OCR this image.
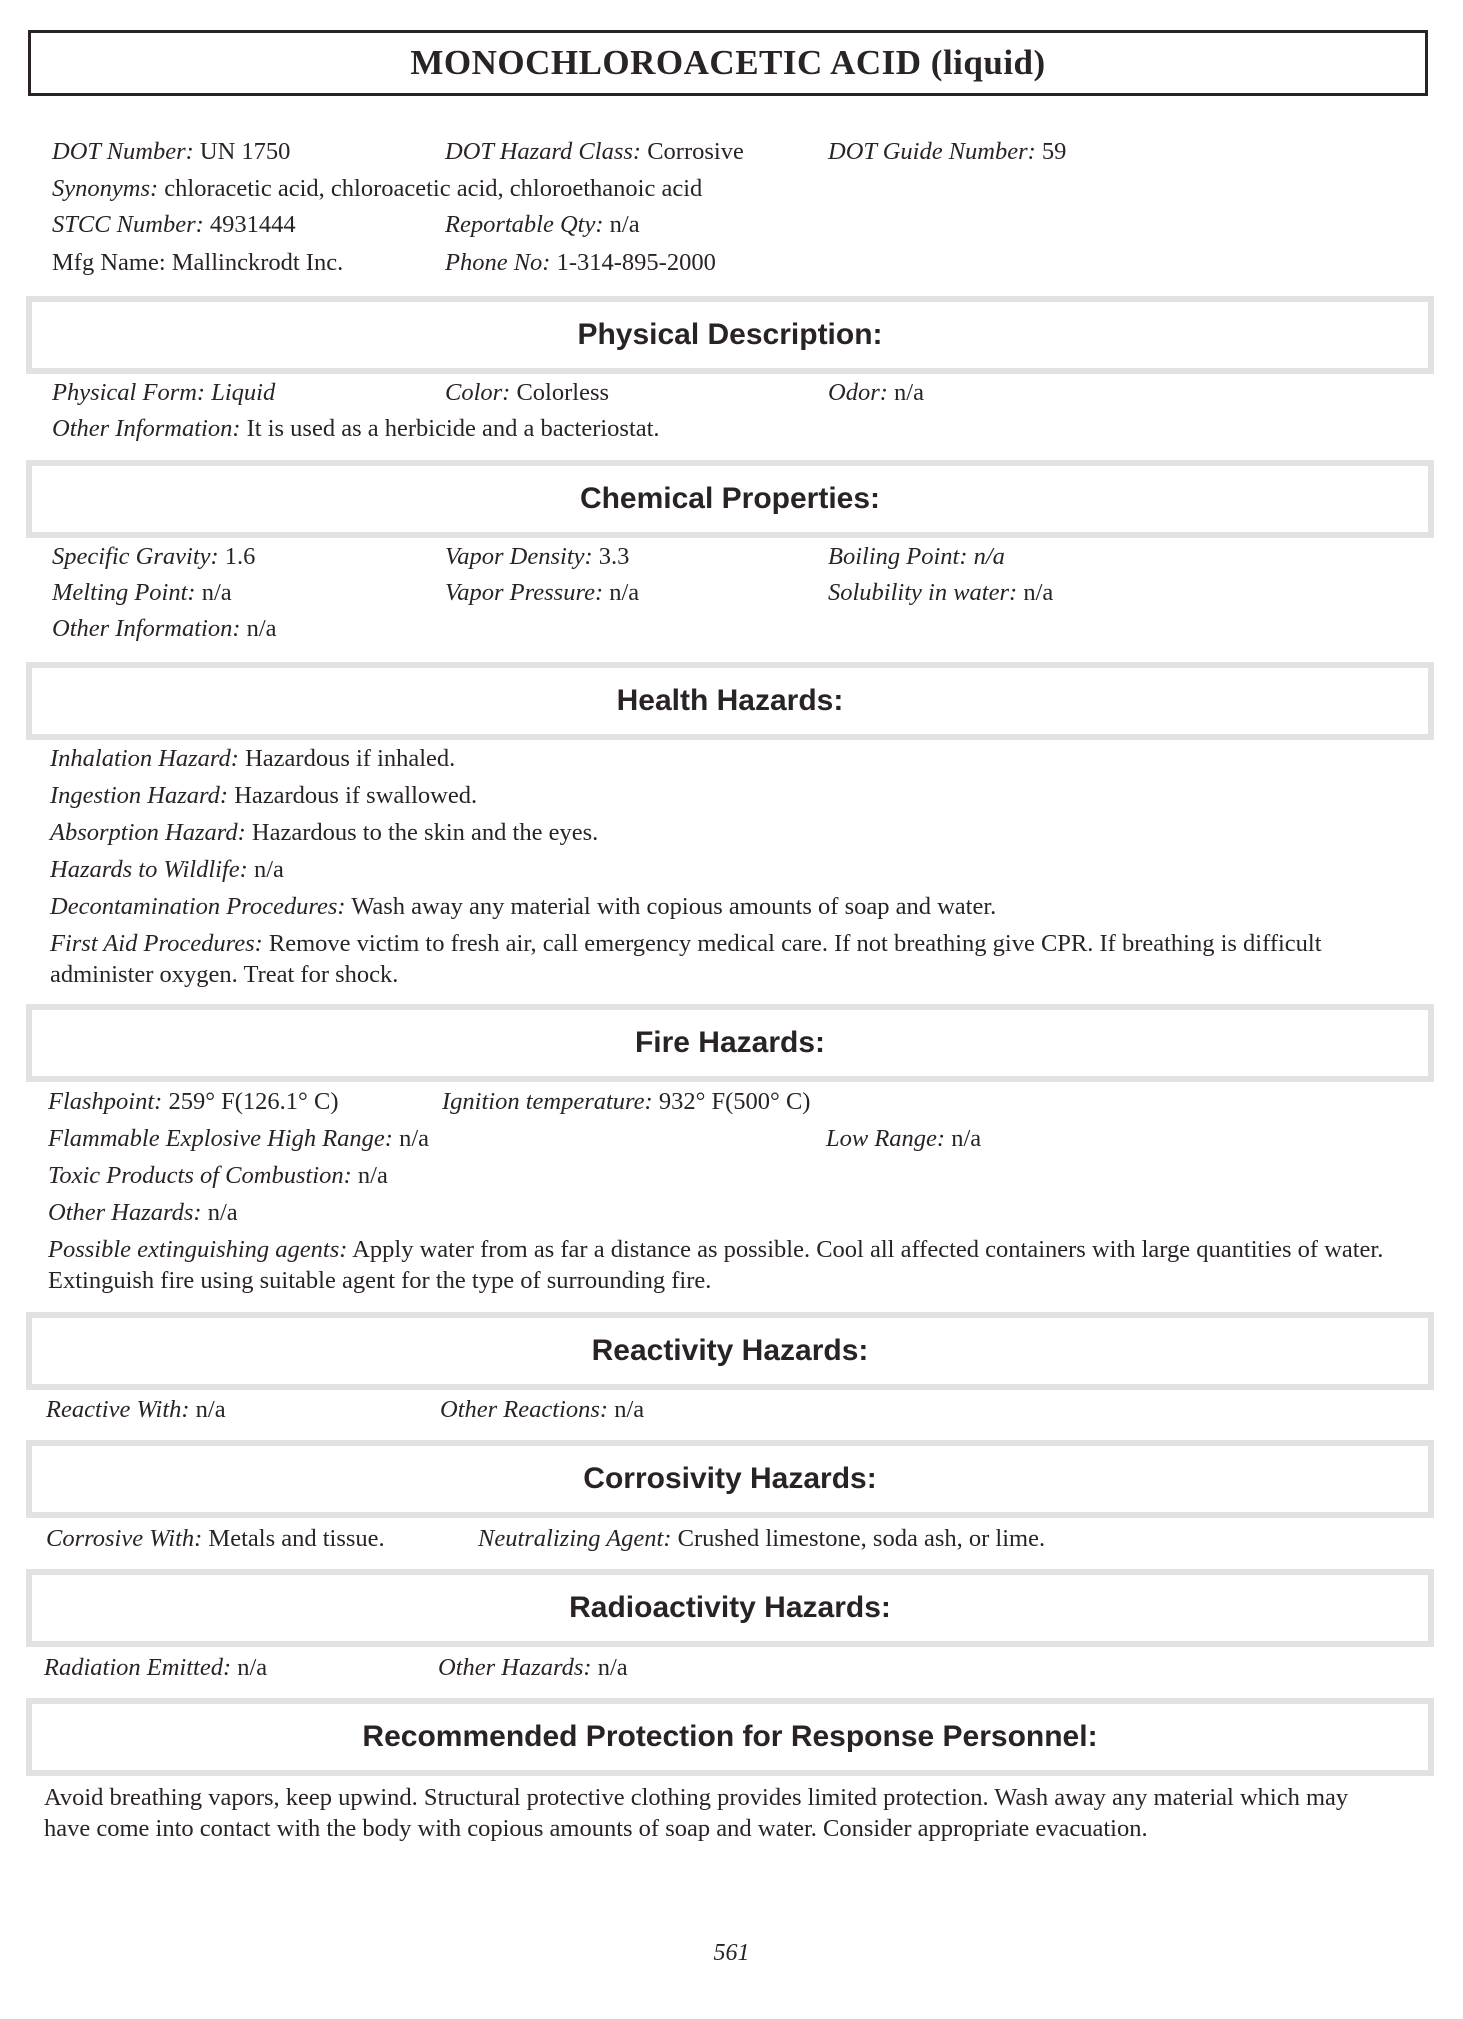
MONOCHLOROACETIC ACID (liquid)
DOT Number: UN 1750	DOT Hazard Class: Corrosive	DOT Guide Number: 59
Synonyms: chloracetic acid, chloroacetic acid, chloroethanoic acid
STCC Number: 4931444	Reportable Qty: n/a
Mfg Name: Mallinckrodt Inc.	Phone No: 1-314-895-2000
Physical Description:
Physical Form: Liquid	Color: Colorless	Odor: n/a
Other Information: It is used as a herbicide and a bacteriostat.
Chemical Properties:
Specific Gravity: 1.6	Vapor Density: 3.3	Boiling Point: n/a
Melting Point: n/a	Vapor Pressure: n/a	Solubility in water: n/a
Other Information: n/a
Health Hazards:
Inhalation Hazard: Hazardous if inhaled.
Ingestion Hazard: Hazardous if swallowed.
Absorption Hazard: Hazardous to the skin and the eyes.
Hazards to Wildlife: n/a
Decontamination Procedures: Wash away any material with copious amounts of soap and water.
First Aid Procedures: Remove victim to fresh air, call emergency medical care. If not breathing give CPR. If breathing is difficult administer oxygen. Treat for shock.
Fire Hazards:
Flashpoint: 259° F(126.1° C)	Ignition temperature: 932° F(500° C)
Flammable Explosive High Range: n/a	Low Range: n/a
Toxic Products of Combustion: n/a
Other Hazards: n/a
Possible extinguishing agents: Apply water from as far a distance as possible. Cool all affected containers with large quantities of water. Extinguish fire using suitable agent for the type of surrounding fire.
Reactivity Hazards:
Reactive With: n/a	Other Reactions: n/a
Corrosivity Hazards:
Corrosive With: Metals and tissue.	Neutralizing Agent: Crushed limestone, soda ash, or lime.
Radioactivity Hazards:
Radiation Emitted: n/a	Other Hazards: n/a
Recommended Protection for Response Personnel:
Avoid breathing vapors, keep upwind. Structural protective clothing provides limited protection. Wash away any material which may have come into contact with the body with copious amounts of soap and water. Consider appropriate evacuation.
561
